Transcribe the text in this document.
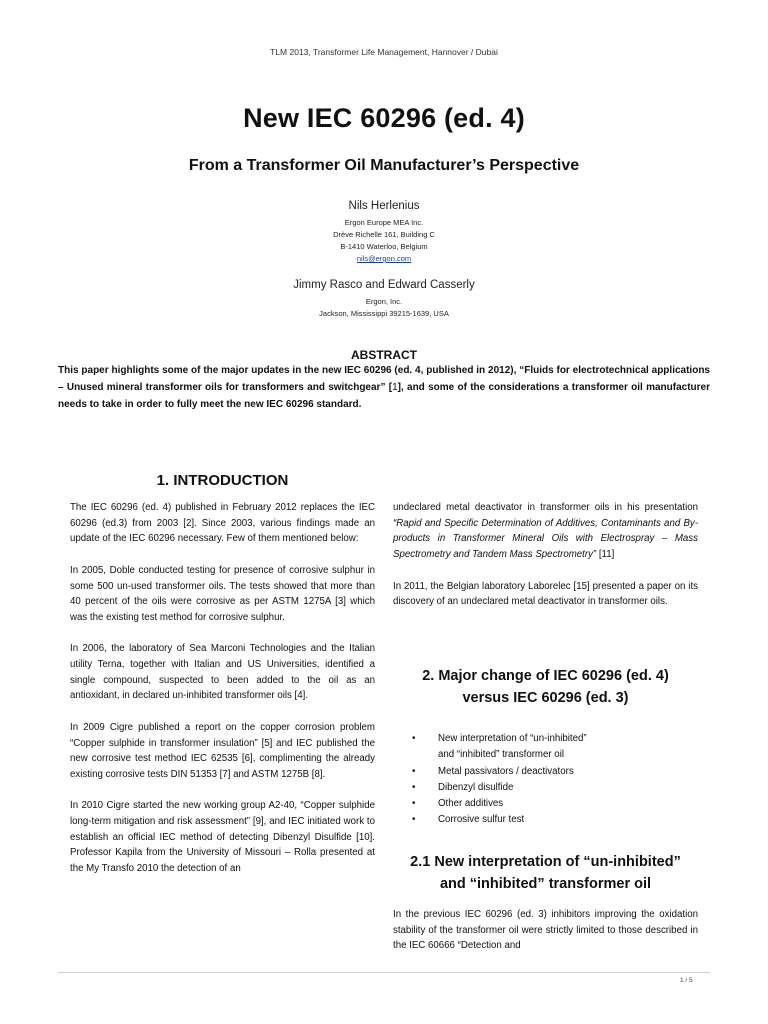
TLM 2013, Transformer Life Management, Hannover / Dubai
New IEC 60296 (ed. 4)
From a Transformer Oil Manufacturer’s Perspective
Nils Herlenius
Ergon Europe MEA Inc.
Drève Richelle 161, Building C
B-1410 Waterloo, Belgium
nils@ergon.com
Jimmy Rasco and Edward Casserly
Ergon, Inc.
Jackson, Mississippi 39215-1639, USA
ABSTRACT

This paper highlights some of the major updates in the new IEC 60296 (ed. 4, published in 2012), “Fluids for electrotechnical applications – Unused mineral transformer oils for transformers and switchgear” [1], and some of the considerations a transformer oil manufacturer needs to take in order to fully meet the new IEC 60296 standard.

1. INTRODUCTION

The IEC 60296 (ed. 4) published in February 2012 replaces the IEC 60296 (ed.3) from 2003 [2]. Since 2003, various findings made an update of the IEC 60296 necessary. Few of them mentioned below:

In 2005, Doble conducted testing for presence of corrosive sulphur in some 500 un-used transformer oils. The tests showed that more than 40 percent of the oils were corrosive as per ASTM 1275A [3] which was the existing test method for corrosive sulphur.

In 2006, the laboratory of Sea Marconi Technologies and the Italian utility Terna, together with Italian and US Universities, identified a single compound, suspected to been added to the oil as an antioxidant, in declared un-inhibited transformer oils [4].

In 2009 Cigre published a report on the copper corrosion problem “Copper sulphide in transformer insulation” [5] and IEC published the new corrosive test method IEC 62535 [6], complimenting the already existing corrosive tests DIN 51353 [7] and ASTM 1275B [8].

In 2010 Cigre started the new working group A2-40, “Copper sulphide long-term mitigation and risk assessment” [9], and IEC initiated work to establish an official IEC method of detecting Dibenzyl Disulfide [10]. Professor Kapila from the University of Missouri – Rolla presented at the My Transfo 2010 the detection of an

undeclared metal deactivator in transformer oils in his presentation “Rapid and Specific Determination of Additives, Contaminants and By-products in Transformer Mineral Oils with Electrospray – Mass Spectrometry and Tandem Mass Spectrometry” [11]

In 2011, the Belgian laboratory Laborelec [15] presented a paper on its discovery of an undeclared metal deactivator in transformer oils.

2. Major change of IEC 60296 (ed. 4)

versus IEC 60296 (ed. 3)

• New interpretation of “un-inhibited”
and “inhibited” transformer oil
• Metal passivators / deactivators
• Dibenzyl disulfide
• Other additives
• Corrosive sulfur test

2.1 New interpretation of “un-inhibited”

and “inhibited” transformer oil

In the previous IEC 60296 (ed. 3) inhibitors improving the oxidation stability of the transformer oil were strictly limited to those described in the IEC 60666 “Detection and

1 / 5
